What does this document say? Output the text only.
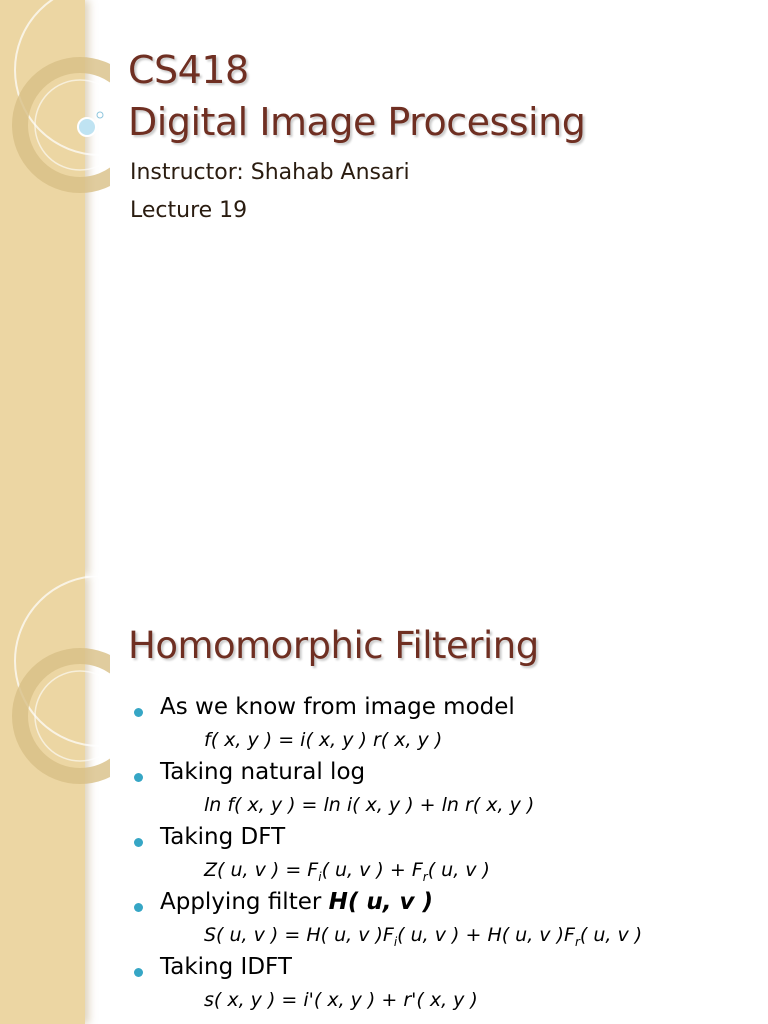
CS418
Digital Image Processing

Instructor: Shahab Ansari

Lecture 19

Homomorphic Filtering
As we know from image model
f( x, y ) = i( x, y ) r( x, y )
Taking natural log
ln f( x, y ) = ln i( x, y ) + ln r( x, y )
Taking DFT
Z( u, v ) = $F_i$( u, v ) + $F_r$( u, v )
Applying filter H( u, v )
S( u, v ) = H( u, v )$F_i$( u, v ) + H( u, v )$F_r$( u, v )
Taking IDFT
s( x, y ) = i'( x, y ) + r'( x, y )
